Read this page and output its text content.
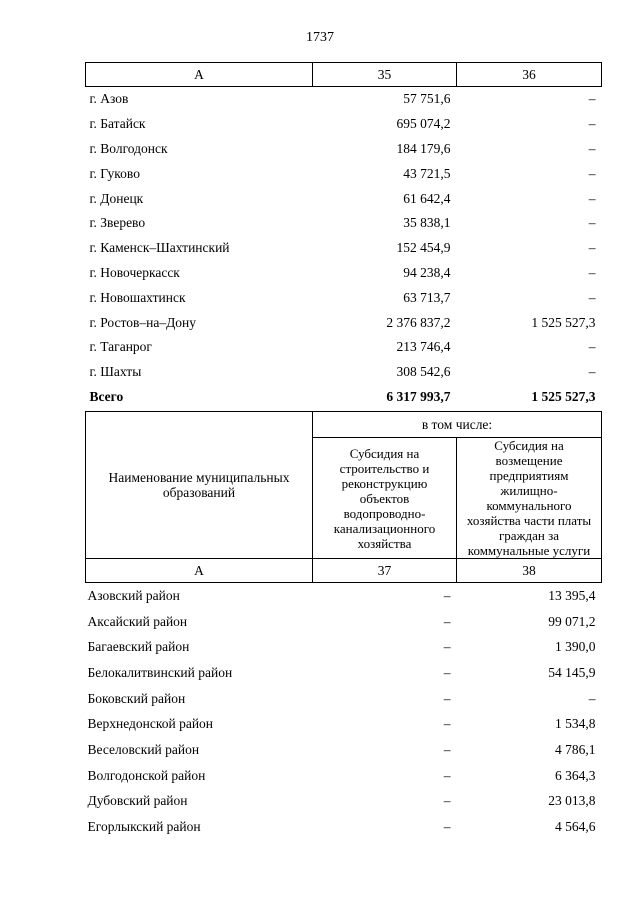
1737
А	35	36
г. Азов	57 751,6	–
г. Батайск	695 074,2	–
г. Волгодонск	184 179,6	–
г. Гуково	43 721,5	–
г. Донецк	61 642,4	–
г. Зверево	35 838,1	–
г. Каменск–Шахтинский	152 454,9	–
г. Новочеркасск	94 238,4	–
г. Новошахтинск	63 713,7	–
г. Ростов–на–Дону	2 376 837,2	1 525 527,3
г. Таганрог	213 746,4	–
г. Шахты	308 542,6	–
Всего	6 317 993,7	1 525 527,3
Наименование муниципальных образований	в том числе:	
	Субсидия на строительство и реконструкцию объектов водопроводно-канализационного хозяйства	Субсидия на возмещение предприятиям жилищно-коммунального хозяйства части платы граждан за коммунальные услуги
А	37	38
Азовский район	–	13 395,4
Аксайский район	–	99 071,2
Багаевский район	–	1 390,0
Белокалитвинский район	–	54 145,9
Боковский район	–	–
Верхнедонской район	–	1 534,8
Веселовский район	–	4 786,1
Волгодонской район	–	6 364,3
Дубовский район	–	23 013,8
Егорлыкский район	–	4 564,6
